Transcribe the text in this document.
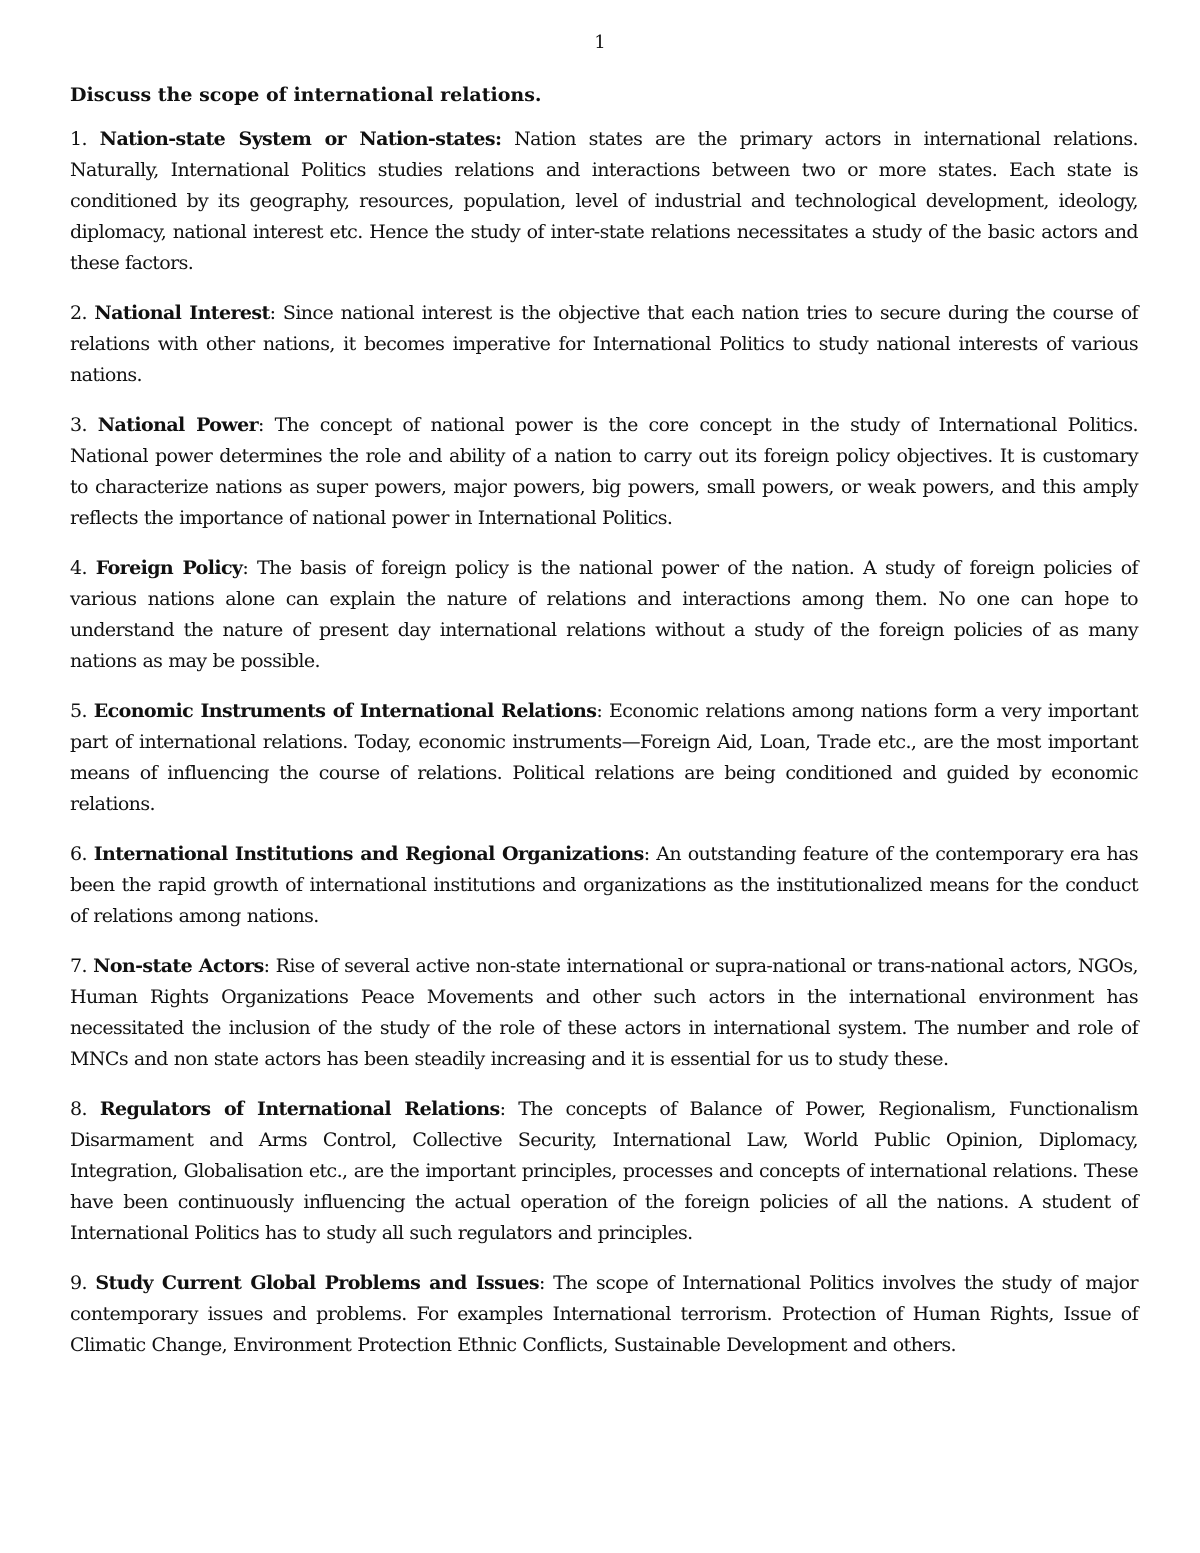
1

Discuss the scope of international relations.

1. Nation-state System or Nation-states: Nation states are the primary actors in international relations. Naturally, International Politics studies relations and interactions between two or more states. Each state is conditioned by its geography, resources, population, level of industrial and technological development, ideology, diplomacy, national interest etc. Hence the study of inter-state relations necessitates a study of the basic actors and these factors.

2. National Interest: Since national interest is the objective that each nation tries to secure during the course of relations with other nations, it becomes imperative for International Politics to study national interests of various nations.

3. National Power: The concept of national power is the core concept in the study of International Politics. National power determines the role and ability of a nation to carry out its foreign policy objectives. It is customary to characterize nations as super powers, major powers, big powers, small powers, or weak powers, and this amply reflects the importance of national power in International Politics.

4. Foreign Policy: The basis of foreign policy is the national power of the nation. A study of foreign policies of various nations alone can explain the nature of relations and interactions among them. No one can hope to understand the nature of present day international relations without a study of the foreign policies of as many nations as may be possible.

5. Economic Instruments of International Relations: Economic relations among nations form a very important part of international relations. Today, economic instruments—Foreign Aid, Loan, Trade etc., are the most important means of influencing the course of relations. Political relations are being conditioned and guided by economic relations.

6. International Institutions and Regional Organizations: An outstanding feature of the contemporary era has been the rapid growth of international institutions and organizations as the institutionalized means for the conduct of relations among nations.

7. Non-state Actors: Rise of several active non-state international or supra-national or trans-national actors, NGOs, Human Rights Organizations Peace Movements and other such actors in the international environment has necessitated the inclusion of the study of the role of these actors in international system. The number and role of MNCs and non state actors has been steadily increasing and it is essential for us to study these.

8. Regulators of International Relations: The concepts of Balance of Power, Regionalism, Functionalism Disarmament and Arms Control, Collective Security, International Law, World Public Opinion, Diplomacy, Integration, Globalisation etc., are the important principles, processes and concepts of international relations. These have been continuously influencing the actual operation of the foreign policies of all the nations. A student of International Politics has to study all such regulators and principles.

9. Study Current Global Problems and Issues: The scope of International Politics involves the study of major contemporary issues and problems. For examples International terrorism. Protection of Human Rights, Issue of Climatic Change, Environment Protection Ethnic Conflicts, Sustainable Development and others.
